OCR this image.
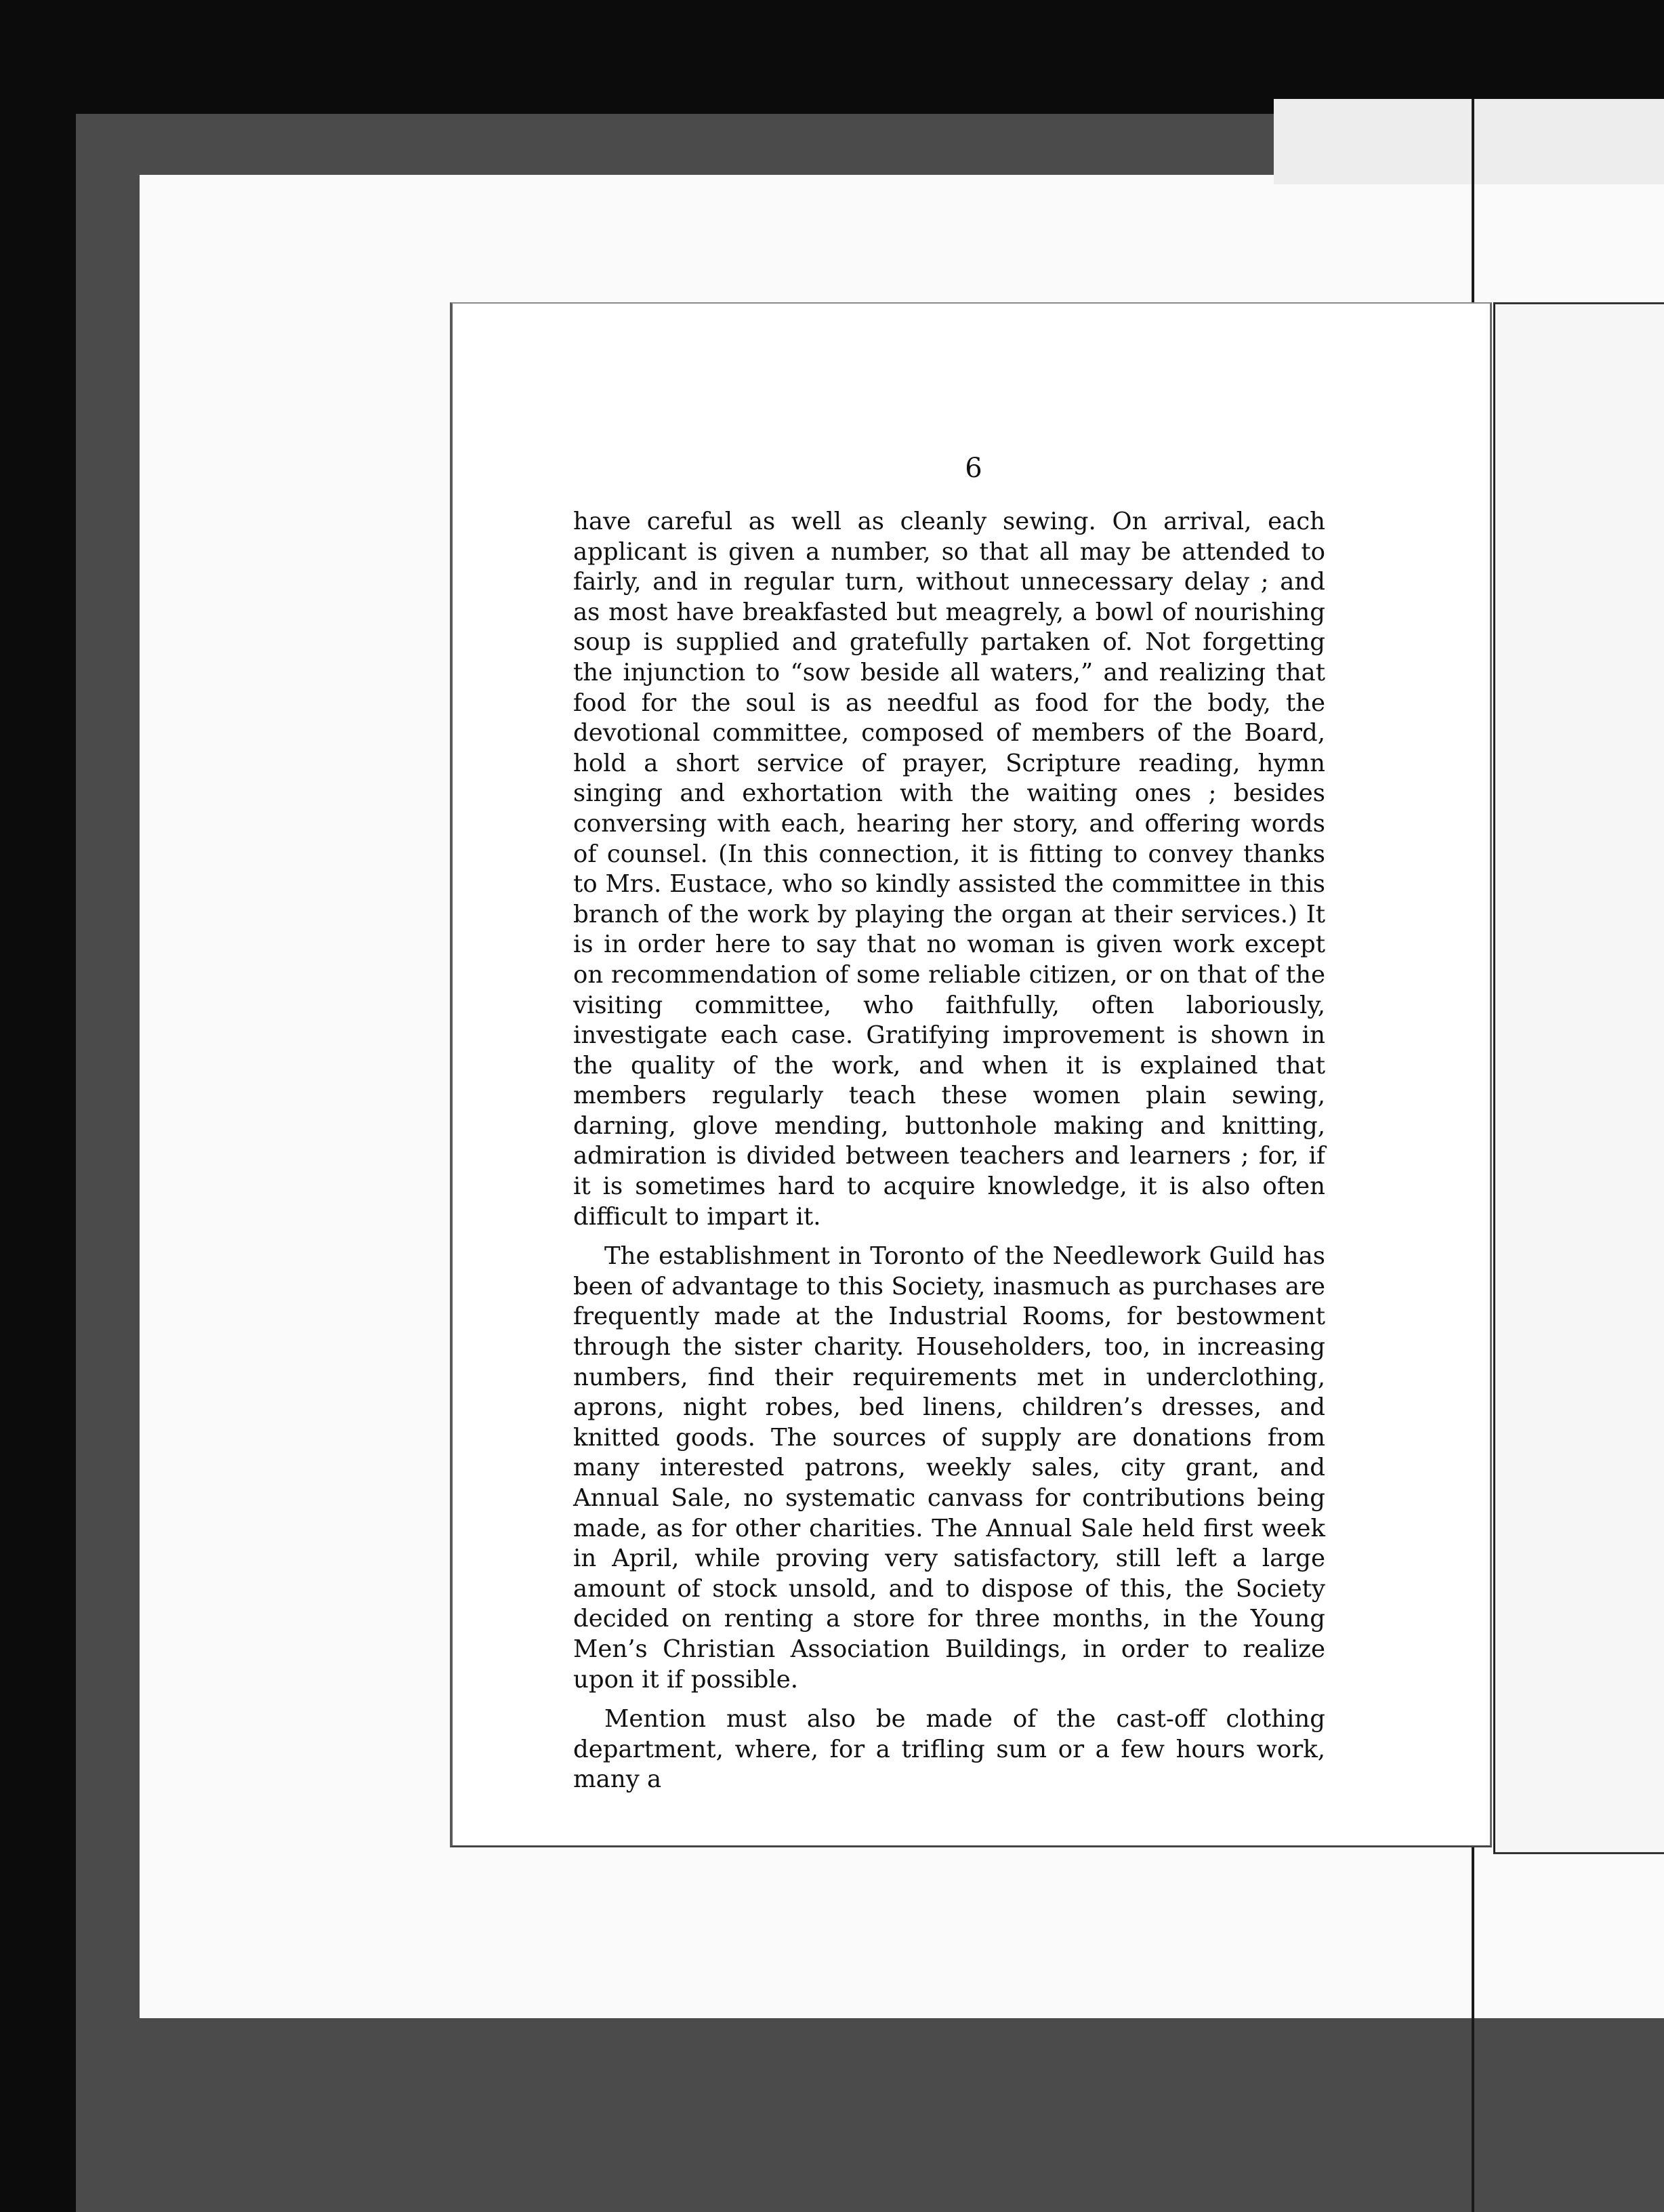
6

have careful as well as cleanly sewing. On arrival, each applicant is given a number, so that all may be attended to fairly, and in regular turn, without unnecessary delay ; and as most have breakfasted but meagrely, a bowl of nourishing soup is supplied and gratefully partaken of. Not forgetting the injunction to “sow beside all waters,” and realizing that food for the soul is as needful as food for the body, the devotional committee, composed of members of the Board, hold a short service of prayer, Scripture reading, hymn singing and exhortation with the waiting ones ; besides conversing with each, hearing her story, and offering words of counsel. (In this connection, it is fitting to convey thanks to Mrs. Eustace, who so kindly assisted the committee in this branch of the work by playing the organ at their services.) It is in order here to say that no woman is given work except on recommendation of some reliable citizen, or on that of the visiting committee, who faithfully, often laboriously, investigate each case. Gratifying improvement is shown in the quality of the work, and when it is explained that members regularly teach these women plain sewing, darning, glove mending, buttonhole making and knitting, admiration is divided between teachers and learners ; for, if it is sometimes hard to acquire knowledge, it is also often difficult to impart it.

The establishment in Toronto of the Needlework Guild has been of advantage to this Society, inasmuch as purchases are frequently made at the Industrial Rooms, for bestowment through the sister charity. Householders, too, in increasing numbers, find their requirements met in underclothing, aprons, night robes, bed linens, children’s dresses, and knitted goods. The sources of supply are donations from many interested patrons, weekly sales, city grant, and Annual Sale, no systematic canvass for contributions being made, as for other charities. The Annual Sale held first week in April, while proving very satisfactory, still left a large amount of stock unsold, and to dispose of this, the Society decided on renting a store for three months, in the Young Men’s Christian Association Buildings, in order to realize upon it if possible.

Mention must also be made of the cast-off clothing department, where, for a trifling sum or a few hours work, many a
